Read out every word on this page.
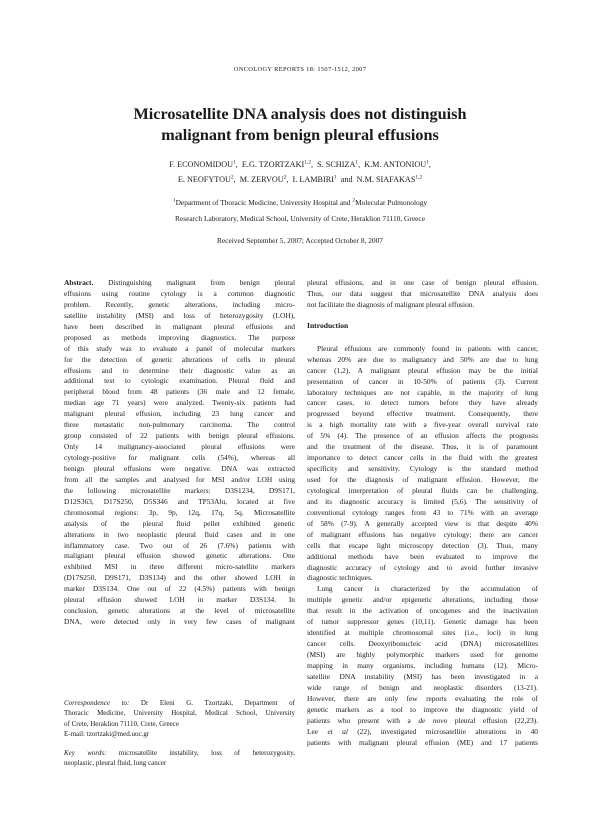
ONCOLOGY REPORTS 18: 1507-1512, 2007
Microsatellite DNA analysis does not distinguish
malignant from benign pleural effusions
F. ECONOMIDOU$^1$,  E.G. TZORTZAKI$^{1,2}$,  S. SCHIZA$^1$,  K.M. ANTONIOU$^1$,
E. NEOFYTOU$^2$,  M. ZERVOU$^2$,  I. LAMBIRI$^1$ and N.M. SIAFAKAS$^{1,2}$
$^1$Department of Thoracic Medicine, University Hospital and $^2$Molecular Pulmonology
Research Laboratory, Medical School, University of Crete, Heraklion 71110, Greece
Received September 5, 2007; Accepted October 8, 2007
Abstract. Distinguishing malignant from benign pleural
effusions using routine cytology is a common diagnostic
problem. Recently, genetic alterations, including micro-
satellite instability (MSI) and loss of heterozygosity (LOH),
have been described in malignant pleural effusions and
proposed as methods improving diagnostics. The purpose
of this study was to evaluate a panel of molecular markers
for the detection of genetic alterations of cells in pleural
effusions and to determine their diagnostic value as an
additional test to cytologic examination. Pleural fluid and
peripheral blood from 48 patients (36 male and 12 female,
median age 71 years) were analyzed. Twenty-six patients had
malignant pleural effusion, including 23 lung cancer and
three metastatic non-pulmonary carcinoma. The control
group consisted of 22 patients with benign pleural effusions.
Only 14 malignancy-associated pleural effusions were
cytology-positive for malignant cells (54%), whereas all
benign pleural effusions were negative. DNA was extracted
from all the samples and analysed for MSI and/or LOH using
the following microsatellite markers: D3S1234, D9S171,
D12S363, D17S250, D5S346 and TP53Alu, located at five
chromosomal regions: 3p, 9p, 12q, 17q, 5q. Microsatellite
analysis of the pleural fluid pellet exhibited genetic
alterations in two neoplastic pleural fluid cases and in one
inflammatory case. Two out of 26 (7.6%) patients with
malignant pleural effusion showed genetic alterations. One
exhibited MSI in three different micro-satellite markers
(D17S250, D9S171, D3S134) and the other showed LOH in
marker D3S134. One out of 22 (4.5%) patients with benign
pleural effusion showed LOH in marker D3S134. In
conclusion, genetic alterations at the level of microsatellite
DNA, were detected only in very few cases of malignant
pleural effusions, and in one case of benign pleural effusion.
Thus, our data suggest that microsatellite DNA analysis does
not facilitate the diagnosis of malignant pleural effusion.
Introduction
Pleural effusions are commonly found in patients with cancer,
whereas 20% are due to malignancy and 50% are due to lung
cancer (1,2). A malignant pleural effusion may be the initial
presentation of cancer in 10-50% of patients (3). Current
laboratory techniques are not capable, in the majority of lung
cancer cases, to detect tumors before they have already
progressed beyond effective treatment. Consequently, there
is a high mortality rate with a five-year overall survival rate
of 5% (4). The presence of an effusion affects the prognosis
and the treatment of the disease. Thus, it is of paramount
importance to detect cancer cells in the fluid with the greatest
specificity and sensitivity. Cytology is the standard method
used for the diagnosis of malignant effusion. However, the
cytological interpretation of pleural fluids can be challenging,
and its diagnostic accuracy is limited (5,6). The sensitivity of
conventional cytology ranges from 43 to 71% with an average
of 58% (7-9). A generally accepted view is that despite 40%
of malignant effusions has negative cytology; there are cancer
cells that escape light microscopy detection (3). Thus, many
additional methods have been evaluated to improve the
diagnostic accuracy of cytology and to avoid further invasive
diagnostic techniques.
Lung cancer is characterized by the accumulation of
multiple genetic and/or epigenetic alterations, including those
that result in the activation of oncogenes and the inactivation
of tumor suppressor genes (10,11). Genetic damage has been
identified at multiple chromosomal sites (i.e., loci) in lung
cancer cells. Deoxyribonucleic acid (DNA) microsatellites
(MSI) are highly polymorphic markers used for genome
mapping in many organisms, including humans (12). Micro-
satellite DNA instability (MSI) has been investigated in a
wide range of benign and neoplastic disorders (13-21).
However, there are only few reports evaluating the role of
genetic markers as a tool to improve the diagnostic yield of
patients who present with a de novo pleural effusion (22,23).
Lee et al (22), investigated microsatellite alterations in 40
patients with malignant pleural effusion (ME) and 17 patients
Correspondence to: Dr Eleni G. Tzortzaki, Department of
Thoracic Medicine, University Hospital, Medical School, University
of Crete, Heraklion 71110, Crete, Greece
E-mail: tzortzaki@med.uoc.gr
Key words: microsatellite instability, loss of heterozygosity,
neoplastic, pleural fluid, lung cancer
